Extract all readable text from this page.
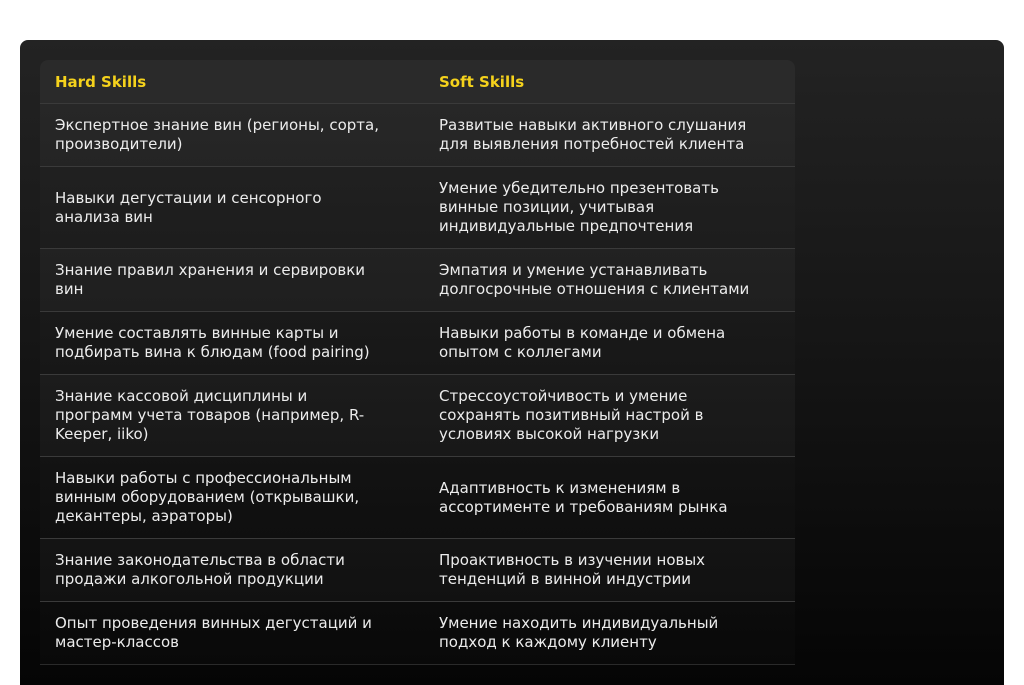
Hard Skills	Soft Skills
Экспертное знание вин (регионы, сорта,
производители)
Развитые навыки активного слушания
для выявления потребностей клиента
Навыки дегустации и сенсорного
анализа вин
Умение убедительно презентовать
винные позиции, учитывая
индивидуальные предпочтения
Знание правил хранения и сервировки
вин
Эмпатия и умение устанавливать
долгосрочные отношения с клиентами
Умение составлять винные карты и
подбирать вина к блюдам (food pairing)
Навыки работы в команде и обмена
опытом с коллегами
Знание кассовой дисциплины и
программ учета товаров (например, R-
Keeper, iiko)
Стрессоустойчивость и умение
сохранять позитивный настрой в
условиях высокой нагрузки
Навыки работы с профессиональным
винным оборудованием (открывашки,
декантеры, аэраторы)
Адаптивность к изменениям в
ассортименте и требованиям рынка
Знание законодательства в области
продажи алкогольной продукции
Проактивность в изучении новых
тенденций в винной индустрии
Опыт проведения винных дегустаций и
мастер-классов
Умение находить индивидуальный
подход к каждому клиенту
